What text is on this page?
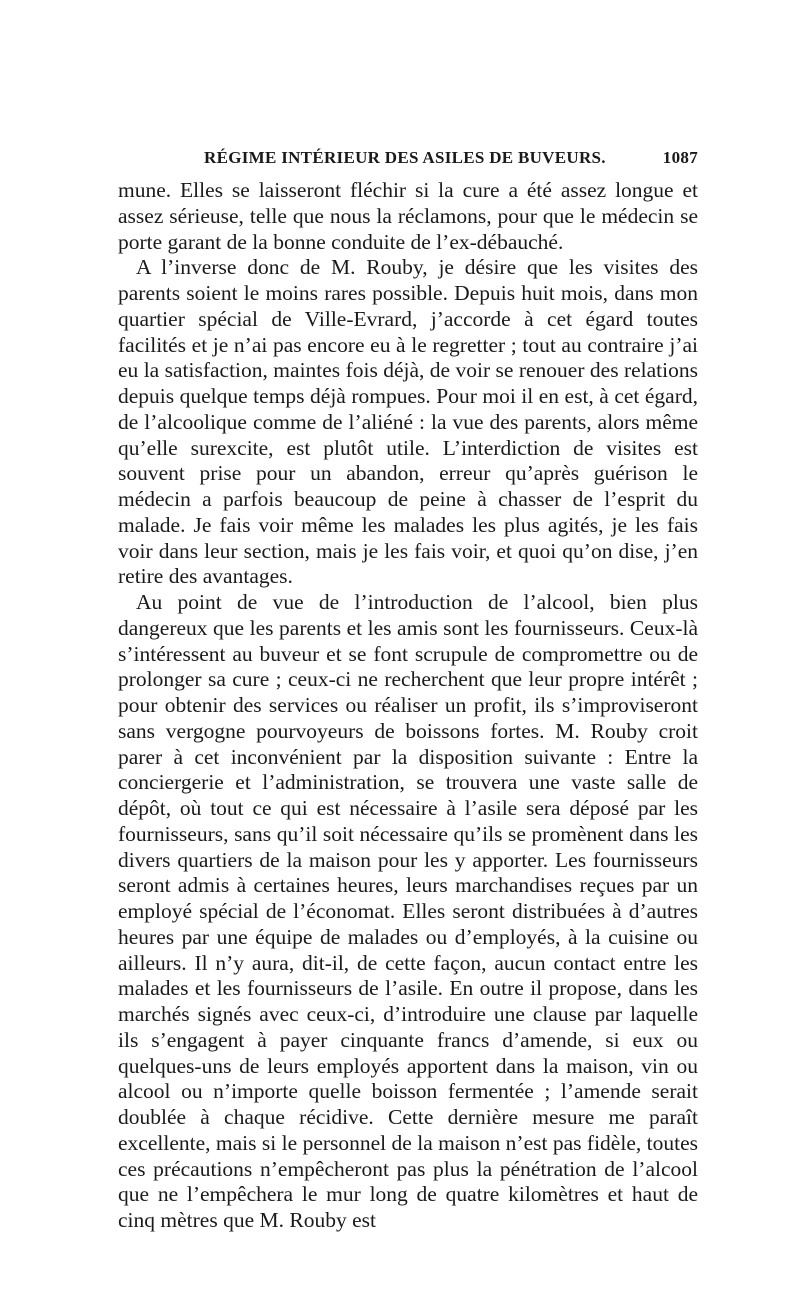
RÉGIME INTÉRIEUR DES ASILES DE BUVEURS.	1087

mune. Elles se laisseront fléchir si la cure a été assez longue et assez sérieuse, telle que nous la réclamons, pour que le médecin se porte garant de la bonne conduite de l’ex-débauché.

A l’inverse donc de M. Rouby, je désire que les visites des parents soient le moins rares possible. Depuis huit mois, dans mon quartier spécial de Ville-Evrard, j’accorde à cet égard toutes facilités et je n’ai pas encore eu à le regretter ; tout au contraire j’ai eu la satisfaction, maintes fois déjà, de voir se renouer des relations depuis quelque temps déjà rompues. Pour moi il en est, à cet égard, de l’alcoolique comme de l’aliéné : la vue des parents, alors même qu’elle surexcite, est plutôt utile. L’interdiction de visites est souvent prise pour un abandon, erreur qu’après guérison le médecin a parfois beaucoup de peine à chasser de l’esprit du malade. Je fais voir même les malades les plus agités, je les fais voir dans leur section, mais je les fais voir, et quoi qu’on dise, j’en retire des avantages.

Au point de vue de l’introduction de l’alcool, bien plus dangereux que les parents et les amis sont les fournisseurs. Ceux-là s’intéressent au buveur et se font scrupule de compromettre ou de prolonger sa cure ; ceux-ci ne recherchent que leur propre intérêt ; pour obtenir des services ou réaliser un profit, ils s’improviseront sans vergogne pourvoyeurs de boissons fortes. M. Rouby croit parer à cet inconvénient par la disposition suivante : Entre la conciergerie et l’administration, se trouvera une vaste salle de dépôt, où tout ce qui est nécessaire à l’asile sera déposé par les fournisseurs, sans qu’il soit nécessaire qu’ils se promènent dans les divers quartiers de la maison pour les y apporter. Les fournisseurs seront admis à certaines heures, leurs marchandises reçues par un employé spécial de l’économat. Elles seront distribuées à d’autres heures par une équipe de malades ou d’employés, à la cuisine ou ailleurs. Il n’y aura, dit-il, de cette façon, aucun contact entre les malades et les fournisseurs de l’asile. En outre il propose, dans les marchés signés avec ceux-ci, d’introduire une clause par laquelle ils s’engagent à payer cinquante francs d’amende, si eux ou quelques-uns de leurs employés apportent dans la maison, vin ou alcool ou n’importe quelle boisson fermentée ; l’amende serait doublée à chaque récidive. Cette dernière mesure me paraît excellente, mais si le personnel de la maison n’est pas fidèle, toutes ces précautions n’empêcheront pas plus la pénétration de l’alcool que ne l’empêchera le mur long de quatre kilomètres et haut de cinq mètres que M. Rouby est
